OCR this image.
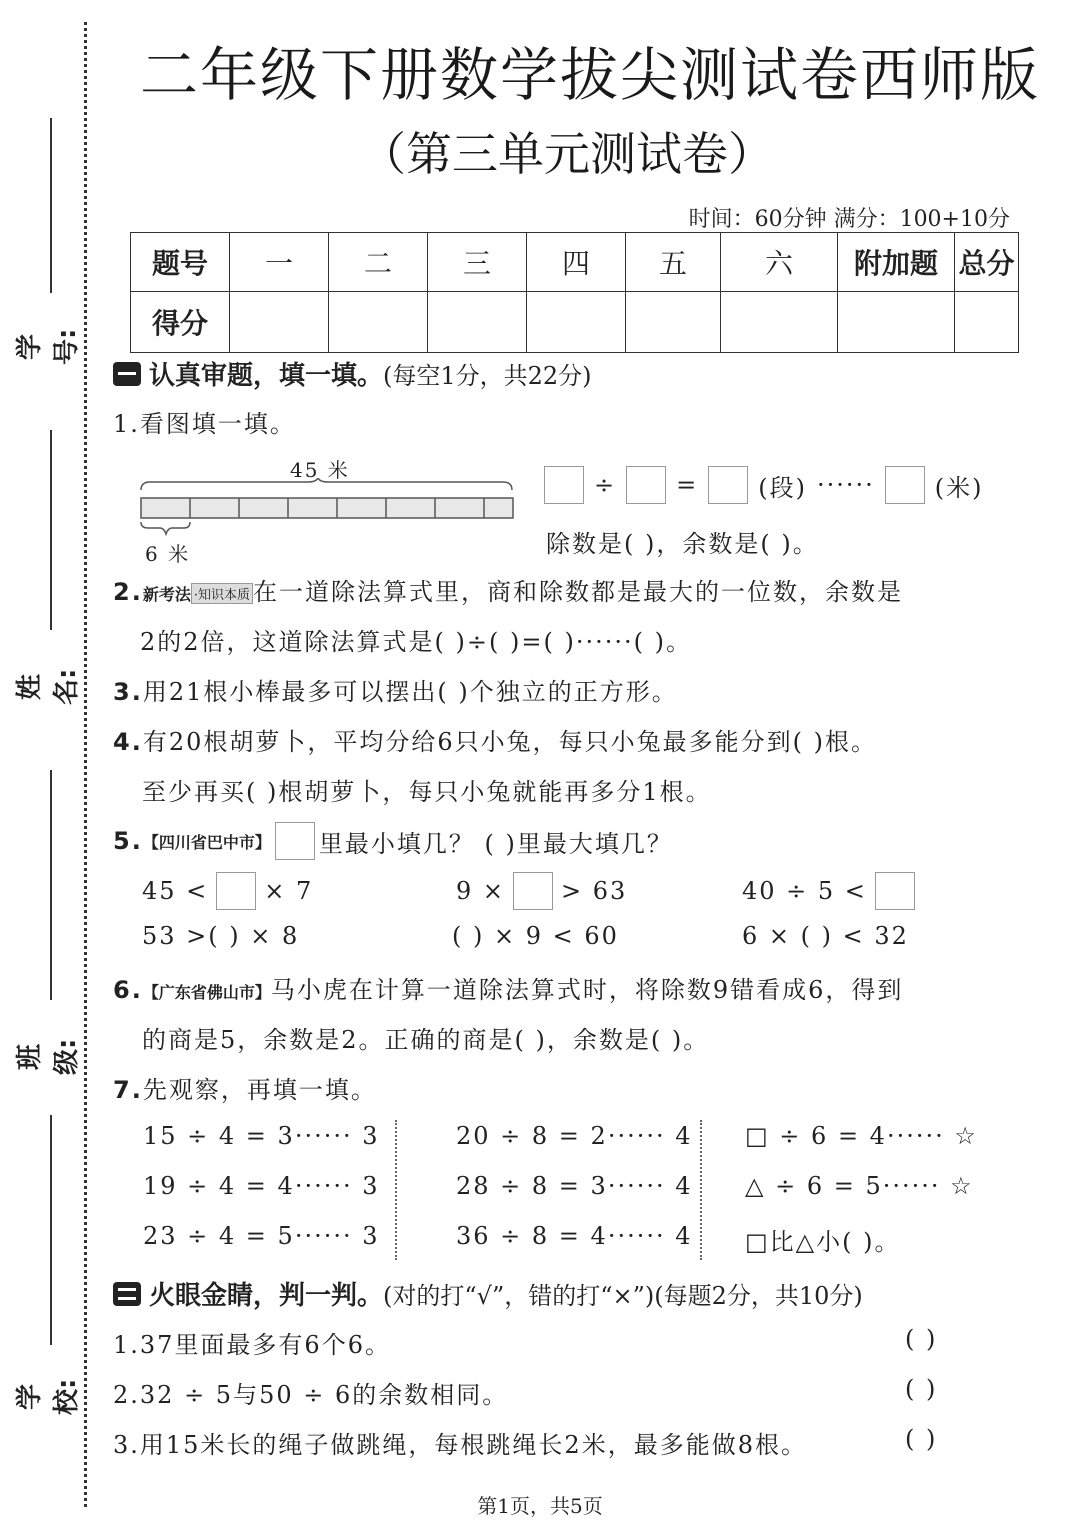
学号:
姓名:
班级:
学校:
二年级下册数学拔尖测试卷西师版
（第三单元测试卷）
时间：60分钟 满分：100+10分
题号	一	二	三	四	五	六	附加题	总分
得分								
认真审题，填一填。 (每空1分，共22分)
1.看图填一填。
45 米
6 米
÷	=	(段) ······	(米)
除数是( )，余数是( )。
2.新考法 ·知识本质 在一道除法算式里，商和除数都是最大的一位数，余数是
2的2倍，这道除法算式是( )÷( )=( )······( )。
3.用21根小棒最多可以摆出( )个独立的正方形。
4.有20根胡萝卜，平均分给6只小兔，每只小兔最多能分到( )根。
至少再买( )根胡萝卜，每只小兔就能再多分1根。
5. 【四川省巴中市】 里最小填几？ ( )里最大填几？
45 < × 7	9 × > 63	40 ÷ 5 <
53 >( ) × 8	( ) × 9 < 60	6 × ( ) < 32
6.【广东省佛山市】马小虎在计算一道除法算式时，将除数9错看成6，得到
的商是5，余数是2。正确的商是( )，余数是( )。
7.先观察，再填一填。
15 ÷ 4 = 3······ 3
19 ÷ 4 = 4······ 3
23 ÷ 4 = 5······ 3
20 ÷ 8 = 2······ 4
28 ÷ 8 = 3······ 4
36 ÷ 8 = 4······ 4
□ ÷ 6 = 4······ ☆
△ ÷ 6 = 5······ ☆
□比△小( )。
火眼金睛，判一判。 (对的打“√”，错的打“×”)(每题2分，共10分)
1.37里面最多有6个6。	( )
2.32 ÷ 5与50 ÷ 6的余数相同。	( )
3.用15米长的绳子做跳绳，每根跳绳长2米，最多能做8根。	( )
第1页，共5页
